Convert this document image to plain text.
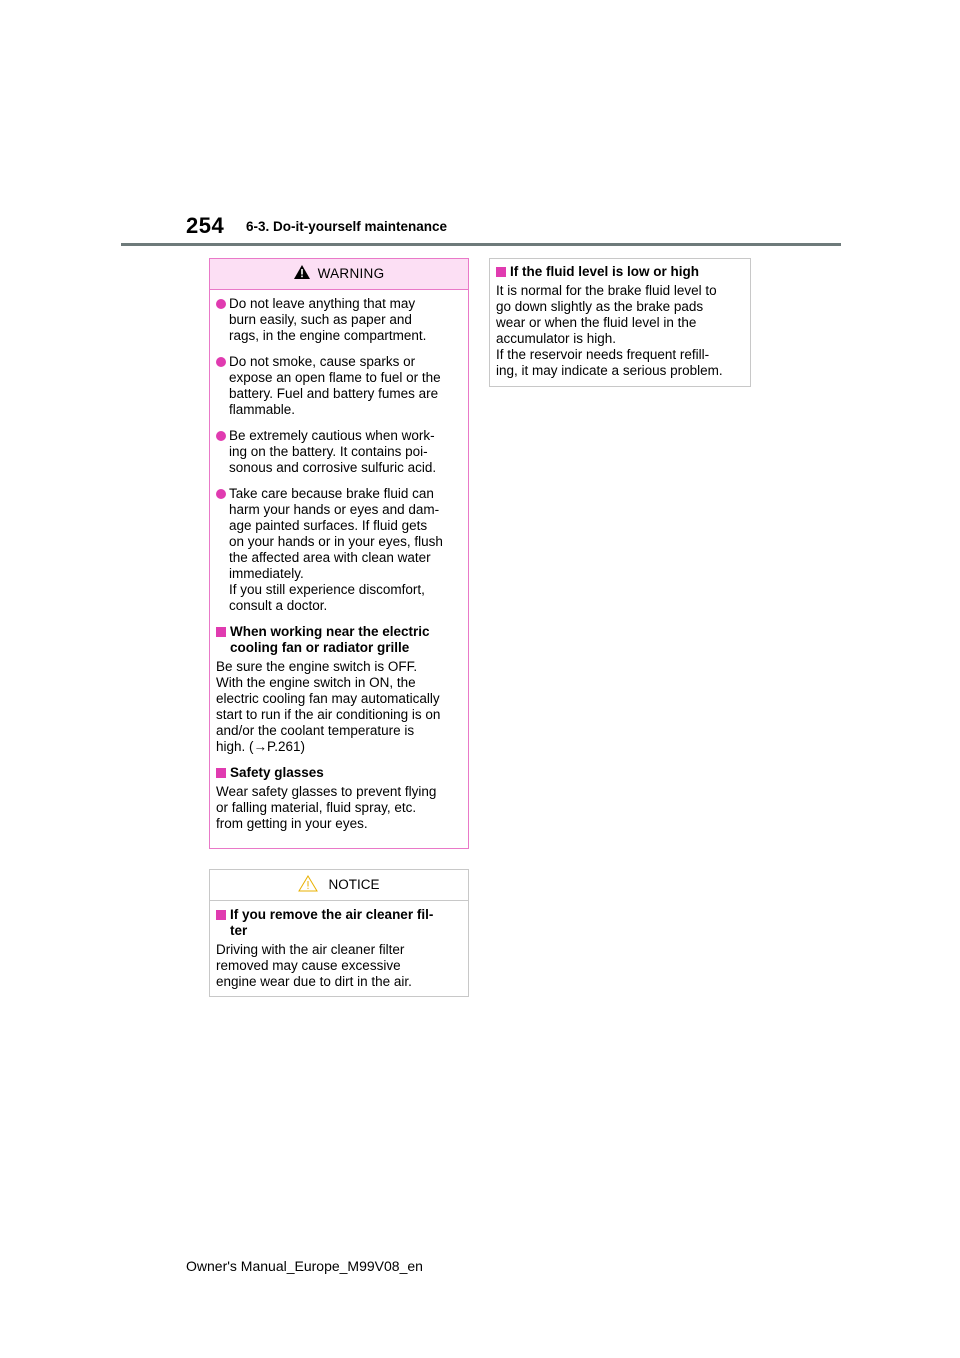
254 6-3. Do-it-yourself maintenance
WARNING
Do not leave anything that may
burn easily, such as paper and
rags, in the engine compartment.
Do not smoke, cause sparks or
expose an open flame to fuel or the
battery. Fuel and battery fumes are
flammable.
Be extremely cautious when work-
ing on the battery. It contains poi-
sonous and corrosive sulfuric acid.
Take care because brake fluid can
harm your hands or eyes and dam-
age painted surfaces. If fluid gets
on your hands or in your eyes, flush
the affected area with clean water
immediately.
If you still experience discomfort,
consult a doctor.
When working near the electric
cooling fan or radiator grille
Be sure the engine switch is OFF.
With the engine switch in ON, the
electric cooling fan may automatically
start to run if the air conditioning is on
and/or the coolant temperature is
high. (→P.261)
Safety glasses
Wear safety glasses to prevent flying
or falling material, fluid spray, etc.
from getting in your eyes.
NOTICE
If you remove the air cleaner fil-
ter
Driving with the air cleaner filter
removed may cause excessive
engine wear due to dirt in the air.
If the fluid level is low or high
It is normal for the brake fluid level to
go down slightly as the brake pads
wear or when the fluid level in the
accumulator is high.
If the reservoir needs frequent refill-
ing, it may indicate a serious problem.
Owner's Manual_Europe_M99V08_en
